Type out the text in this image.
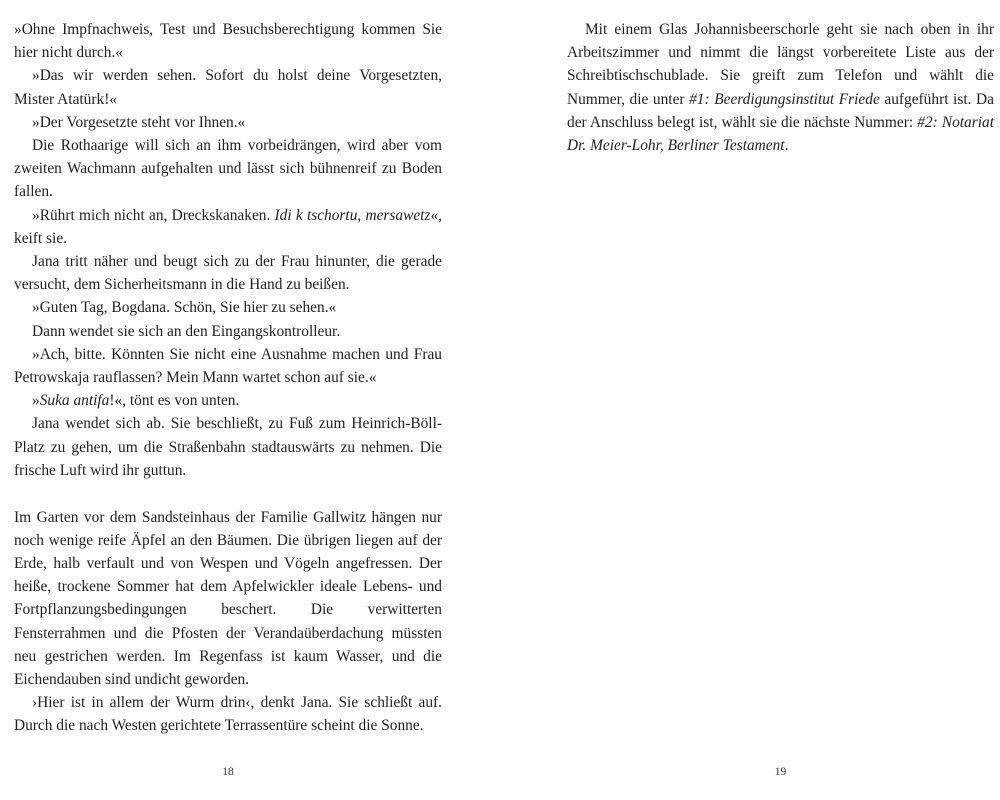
»Ohne Impfnachweis, Test und Besuchsberechtigung kommen Sie hier nicht durch.«

»Das wir werden sehen. Sofort du holst deine Vorgesetzten, Mister Atatürk!«

»Der Vorgesetzte steht vor Ihnen.«

Die Rothaarige will sich an ihm vorbeidrängen, wird aber vom zweiten Wachmann aufgehalten und lässt sich bühnenreif zu Boden fallen.

»Rührt mich nicht an, Dreckskanaken. Idi k tschortu, mersawetz«, keift sie.

Jana tritt näher und beugt sich zu der Frau hinunter, die gerade versucht, dem Sicherheitsmann in die Hand zu beißen.

»Guten Tag, Bogdana. Schön, Sie hier zu sehen.«

Dann wendet sie sich an den Eingangskontrolleur.

»Ach, bitte. Könnten Sie nicht eine Ausnahme machen und Frau Petrowskaja rauflassen? Mein Mann wartet schon auf sie.«

»Suka antifa!«, tönt es von unten.

Jana wendet sich ab. Sie beschließt, zu Fuß zum Heinrich-Böll-Platz zu gehen, um die Straßenbahn stadtauswärts zu nehmen. Die frische Luft wird ihr guttun.

Im Garten vor dem Sandsteinhaus der Familie Gallwitz hängen nur noch wenige reife Äpfel an den Bäumen. Die übrigen liegen auf der Erde, halb verfault und von Wespen und Vögeln angefressen. Der heiße, trockene Sommer hat dem Apfelwickler ideale Lebens- und Fortpflanzungsbedingungen beschert. Die verwitterten Fensterrahmen und die Pfosten der Verandaüberdachung müssten neu gestrichen werden. Im Regenfass ist kaum Wasser, und die Eichendauben sind undicht geworden.

›Hier ist in allem der Wurm drin‹, denkt Jana. Sie schließt auf. Durch die nach Westen gerichtete Terrassentüre scheint die Sonne.

18

Mit einem Glas Johannisbeerschorle geht sie nach oben in ihr Arbeitszimmer und nimmt die längst vorbereitete Liste aus der Schreibtischschublade. Sie greift zum Telefon und wählt die Nummer, die unter #1: Beerdigungsinstitut Friede aufgeführt ist. Da der Anschluss belegt ist, wählt sie die nächste Nummer: #2: Notariat Dr. Meier-Lohr, Berliner Testament.

19
